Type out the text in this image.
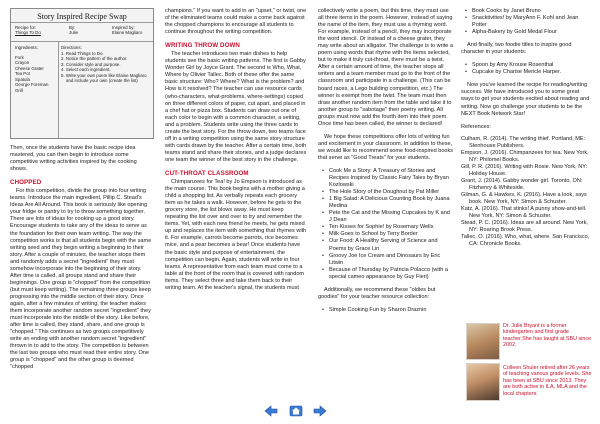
Story Inspired Recipe Swap
Recipe for:
Things To Do
By:
Julie
Inspired by:
Elaine Magliaro
Ingredients:
Fork
Crayon
Cheese Grater
Tea Pot
Spatula
George Foreman Grill
Directions:
1. Read Things to Do.
2. Notice the pattern of the author.
3. Consider style and purpose.
4. Select each ingredient.
5. Write your own poem like Elaine Magliaro and include your own (create the list)

Then, once the students have the basic recipe idea mastered, you can then begin to introduce some competitive writing activities inspired by the cooking shows.

CHOPPED

For this competition, divide the group into four writing teams. Introduce the main ingredient, Pillip C. Stead's Ideas Are All Around. This book is seriously like opening your fridge or pantry to try to throw something together. There are lots of ideas for cooking up a good story. Encourage students to take any of the ideas to serve as the foundation for their own team writing. The way the competition works is that all students begin with the same writing seed and they begin writing a beginning to their story. After a couple of minutes, the teacher stops them and randomly adds a secret "ingredient" they must somehow incorporate into the beginning of their story. After time is called, all groups stand and share their beginnings. One group is "chopped" from the competition (but must keep writing). The remaining three groups keep progressing into the middle section of their story. Once again, after a few minutes of writing, the teacher makes them incorporate another random secret "ingredient" they must incorporate into the middle of the story. Like before, after time is called, they stand, share, and one group is "chopped." This continues as two groups competitively write an ending with another random secret "ingredient" thrown in to add to the story. The competition is between the last two groups who must read their entire story. One group is "chopped" and the other group is deemed "chopped

champions." If you want to add in an "upset," or twist, one of the eliminated teams could make a come back against the chopped champions to encourage all students to continue throughout the writing competition.

WRITING THROW DOWN

The teacher introduces two main dishes to help students see the basic writing patterns. The first is Gabby Wonder Girl by Joyce Grant. The second is Who, What, Where by Olivier Tallec. Both of these offer the same basic structure: Who? Where? What is the problem? and How is it resolved? The teacher can use resource cards (who-characters, what-problems, where-settings) copied on three different colors of paper, cut apart, and placed in a chef hat or pizza box. Students can draw out one of each color to begin with a common character, a setting, and a problem. Students write using the three cards to create the best story. For the throw down, two teams face off in a writing competition using the same story structure with cards drawn by the teacher. After a certain time, both teams stand and share their stories, and a judge declares one team the winner of the best story in the challenge.

CUT-THROAT CLASSROOM

Chimpanzees for Tea! by Jo Empson is introduced as the main course. This book begins with a mother giving a child a shopping list. As verbally repeats each grocery item as he takes a walk. However, before he gets to the grocery store, the list blows away. He must keep repeating the list over and over to try and remember the items. Yet, with each new friend he meets, he gets mixed up and replaces the item with something that rhymes with it. For example, carrots become parrots, rice becomes mice, and a pear becomes a bear! Once students have the basic style and purpose of entertainment, the competition can begin. Again, students will write in four teams. A representative from each team must come to a table at the front of the room that is covered with random items. They select three and take them back to their writing team. At the teacher's signal, the students must

collectively write a poem, but this time, they must use all three items in the poem. However, instead of saying the name of the item, they must use a rhyming word. For example, instead of a pencil, they may incorporate the word stencil. Or instead of a cheese grater, they may write about an alligator. The challenge is to write a poem using words that rhyme with the items selected, but to make it truly cut-throat, there must be a twist. After a certain amount of time, the teacher stops all writers and a team member must go to the front of the classroom and participate in a challenge. (This can be board races, a Lego building competition, etc.) The winner is exempt from the twist. The team must then draw another random item from the table and take it to another group to "sabotage" their poetry writing. All groups must now add the fourth item into their poem. Once time has been called, the winner is declared!

We hope these competitions offer lots of writing fun and excitement in your classroom. In addition to these, we would like to recommend some food-inspired books that serve as "Good Treats" for your students.

• Cook Me a Story: A Treasury of Stories and Recipes Inspired by Classic Fairy Tales by Bryan Kozlowski
• The Hole Story of the Doughnut by Pat Miller
• 1 Big Salad: A Delicious Counting Book by Juana Medina
• Pete the Cat and the Missing Cupcakes by K and J Dean
• Ten Kisses for Sophie! by Rosemary Wells
• Milk Goes to School by Terry Border
• Our Food: A Healthy Serving of Science and Poems by Grace Lin
• Groovy Joe Ice Cream and Dinosaurs by Eric Litwin
• Because of Thursday by Patricia Polacco (with a special cameo appearance by Guy Fieri)

Additionally, we recommend these "oldies but goodies" for your teacher resource collection:

• Simple Cooking Fun by Sharon Draznin
• Book Cooks by Janet Bruno
• Snacktivities! by MaryAnn F. Kohl and Jean Potter
• Alpha-Bakery by Gold Medal Flour

And finally, two foodie titles to inspire good character in your students:

• Spoon by Amy Krouse Rosenthal
• Cupcake by Charise Mericle Harper.

Now you've learned the recipe for reading/writing success. We have introduced you to some great ways to get your students excited about reading and writing. Now go challenge your students to be the NEXT Book Network Star!

References:
Culham, R. (2014). The writing thief. Portland, ME: Stenhouse Publishers.
Empson, J. (2016). Chimpanzees for tea. New York, NY: Philomel Books.
Gill, P. R. (2016). Writing with Rosie. New York, NY: Holiday House.
Grant, J. (2014). Gabby wonder girl. Toronto, ON: Fitzhenry & Whiteside.
Gilman, G. & Hawkes, K. (2016). Have a look, says book. New York, NY: Simon & Schuster.
Katz, A. (2016). That stinks! A punny show-and-tell. New York, NY: Simon & Schuster.
Stead, P. C. (2016). Ideas are all around. New York, NY: Roaring Brook Press.
Tallec, O. (2016). Who, what, where. San Francisco, CA: Chronicle Books.
Dr. Julie Bryant is a former kindergarten and first grade teacher.She has taught at SBU since 2002.
Colleen Shuler retired after 26 years of teaching various grade levels. She has been at SBU since 2013. They are both active in ILA, MLA and the local chapters.
